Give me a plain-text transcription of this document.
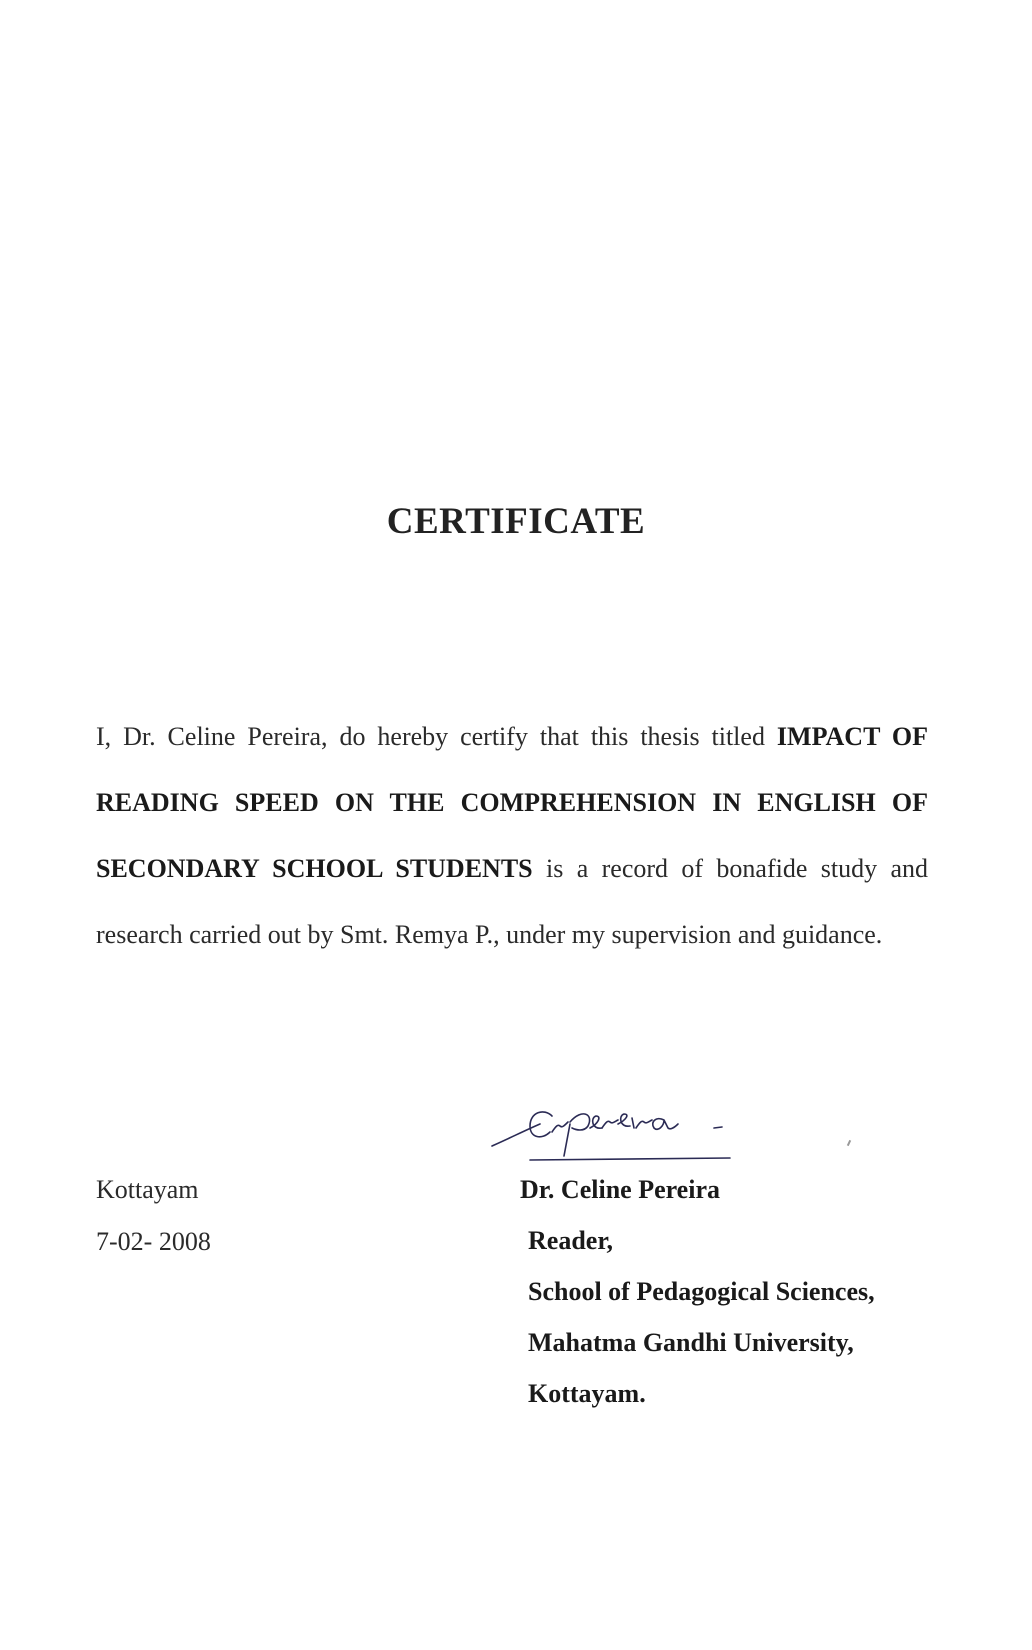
CERTIFICATE

I, Dr. Celine Pereira, do hereby certify that this thesis titled IMPACT OF READING SPEED ON THE COMPREHENSION IN ENGLISH OF SECONDARY SCHOOL STUDENTS is a record of bonafide study and research carried out by Smt. Remya P., under my supervision and guidance.

Kottayam
7-02- 2008
Dr. Celine Pereira
Reader,
School of Pedagogical Sciences,
Mahatma Gandhi University,
Kottayam.
